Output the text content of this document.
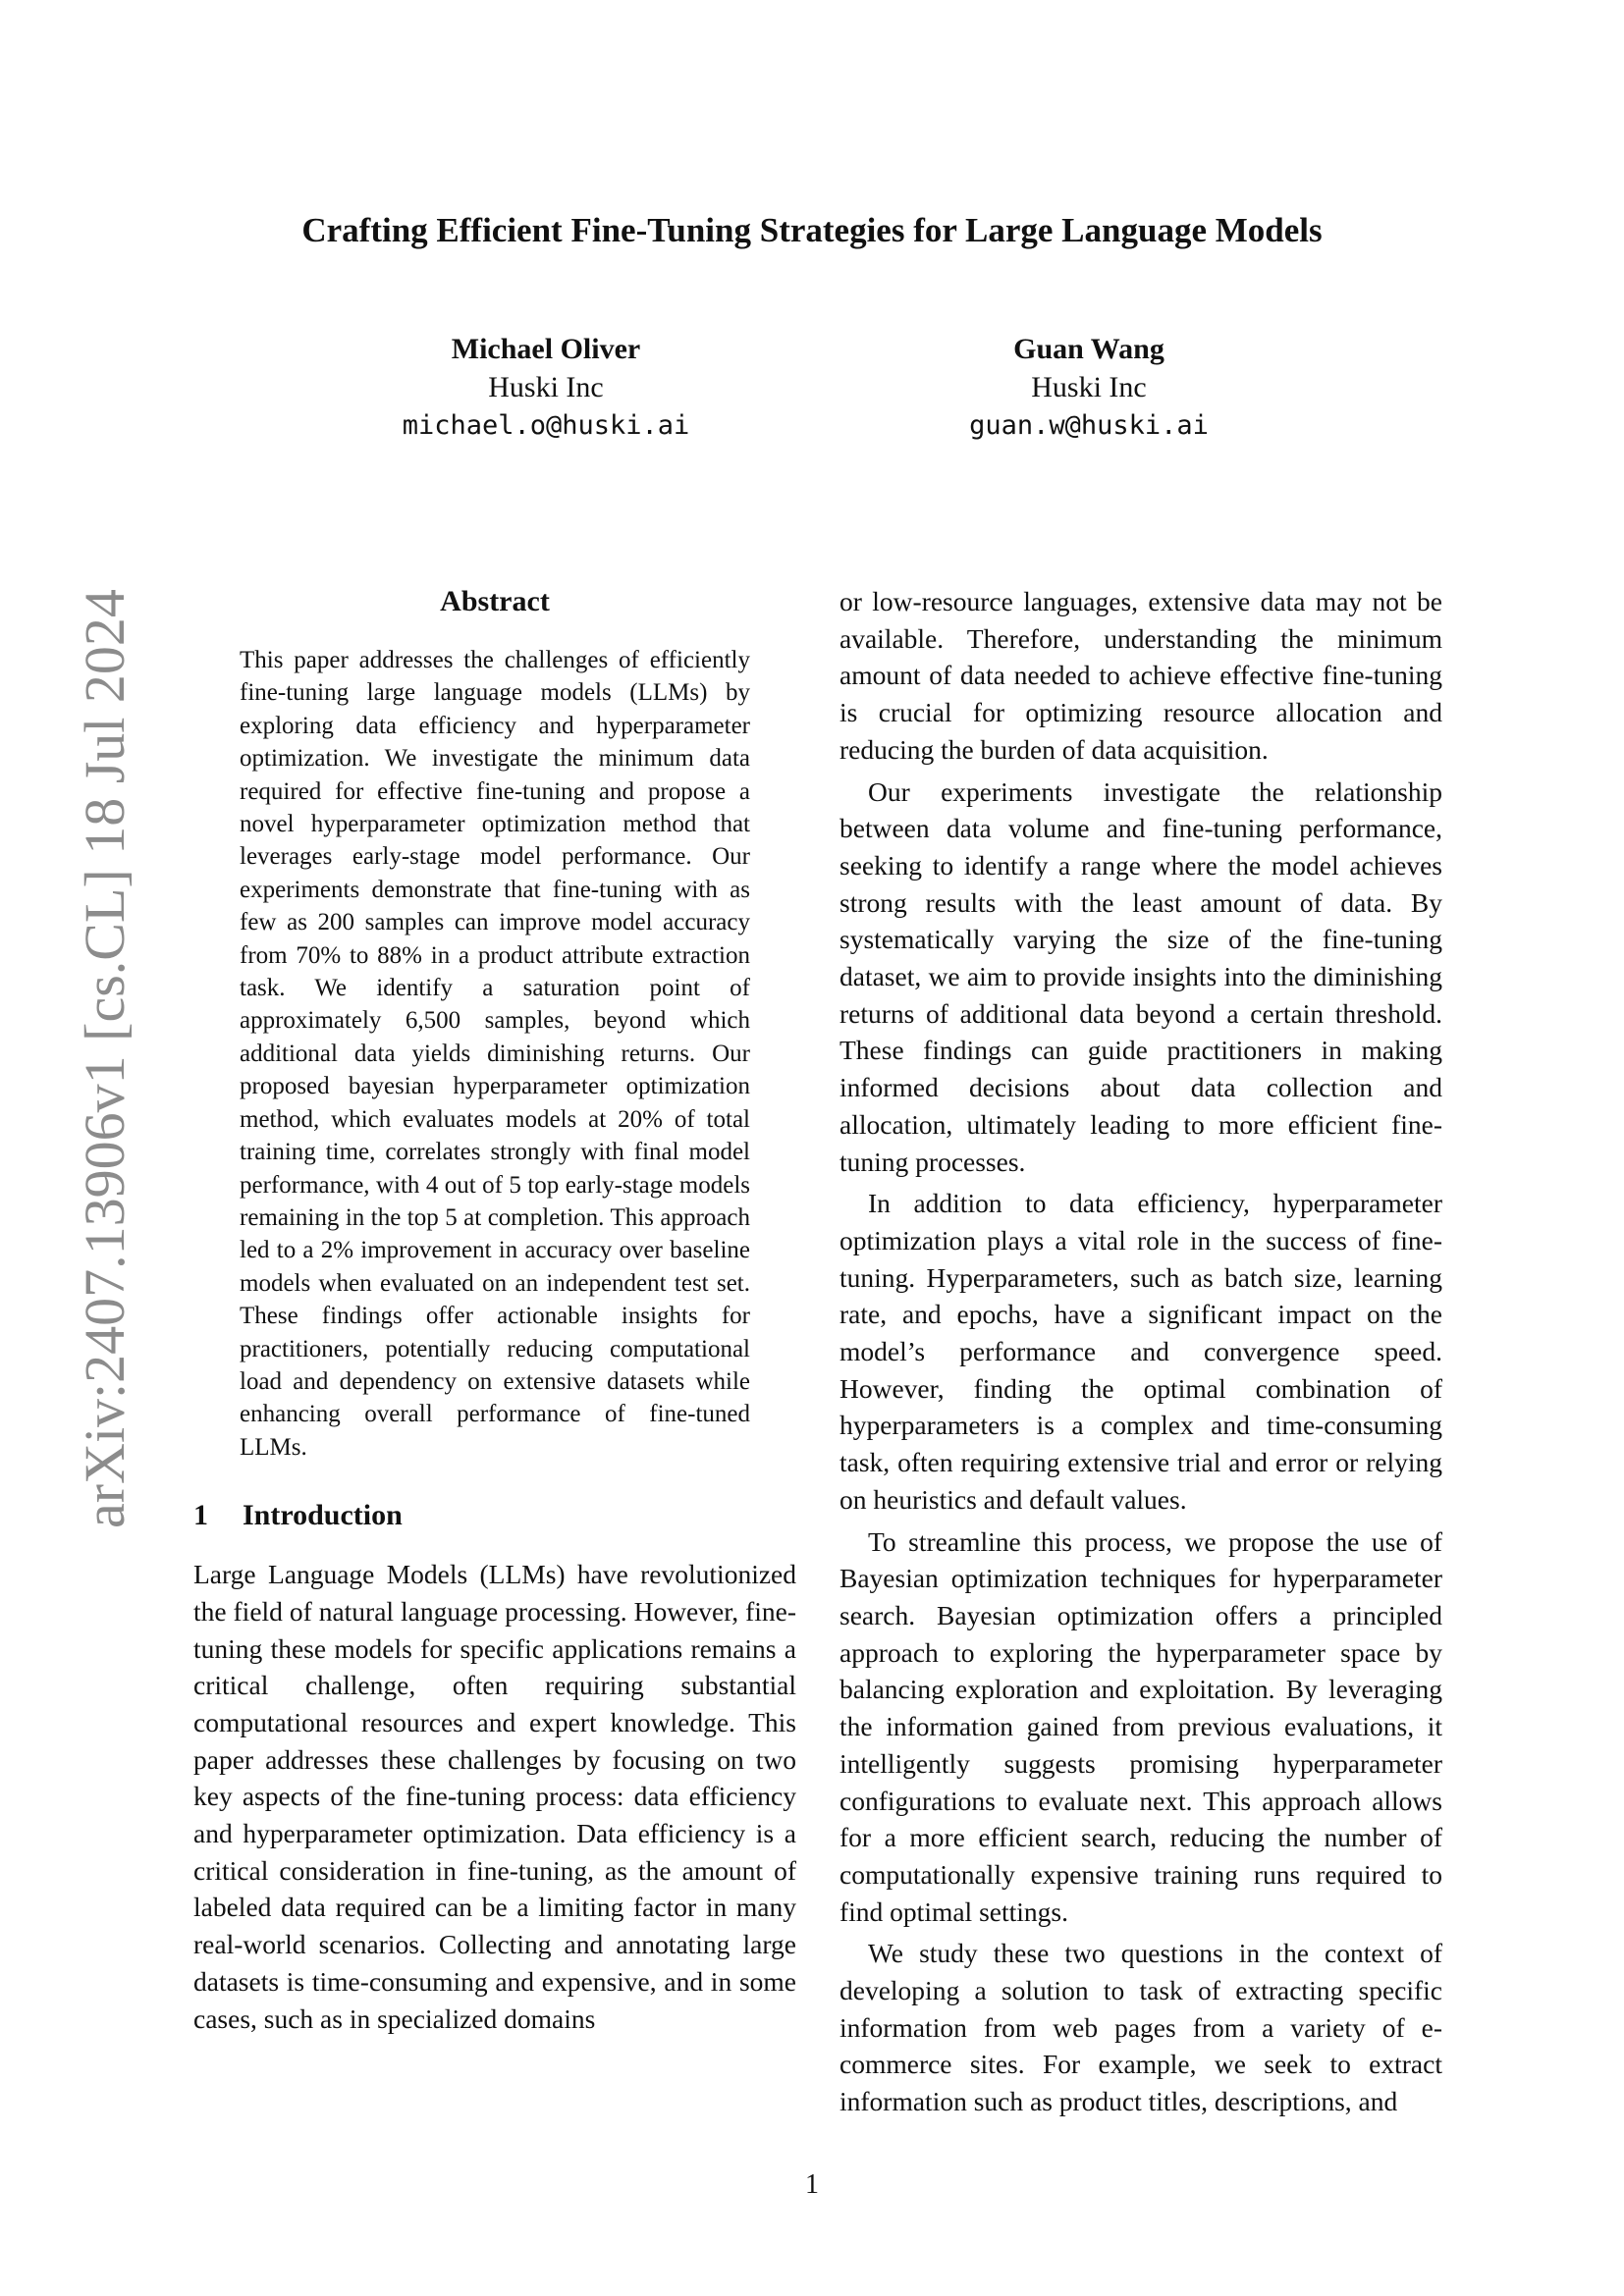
arXiv:2407.13906v1 [cs.CL] 18 Jul 2024
Crafting Efficient Fine-Tuning Strategies for Large Language Models
Michael Oliver
Huski Inc
michael.o@huski.ai
Guan Wang
Huski Inc
guan.w@huski.ai
Abstract

This paper addresses the challenges of efficiently fine-tuning large language models (LLMs) by exploring data efficiency and hyperparameter optimization. We investigate the minimum data required for effective fine-tuning and propose a novel hyperparameter optimization method that leverages early-stage model performance. Our experiments demonstrate that fine-tuning with as few as 200 samples can improve model accuracy from 70% to 88% in a product attribute extraction task. We identify a saturation point of approximately 6,500 samples, beyond which additional data yields diminishing returns. Our proposed bayesian hyperparameter optimization method, which evaluates models at 20% of total training time, correlates strongly with final model performance, with 4 out of 5 top early-stage models remaining in the top 5 at completion. This approach led to a 2% improvement in accuracy over baseline models when evaluated on an independent test set. These findings offer actionable insights for practitioners, potentially reducing computational load and dependency on extensive datasets while enhancing overall performance of fine-tuned LLMs.

1 Introduction

Large Language Models (LLMs) have revolutionized the field of natural language processing. However, fine-tuning these models for specific applications remains a critical challenge, often requiring substantial computational resources and expert knowledge. This paper addresses these challenges by focusing on two key aspects of the fine-tuning process: data efficiency and hyperparameter optimization. Data efficiency is a critical consideration in fine-tuning, as the amount of labeled data required can be a limiting factor in many real-world scenarios. Collecting and annotating large datasets is time-consuming and expensive, and in some cases, such as in specialized domains

or low-resource languages, extensive data may not be available. Therefore, understanding the minimum amount of data needed to achieve effective fine-tuning is crucial for optimizing resource allocation and reducing the burden of data acquisition.

Our experiments investigate the relationship between data volume and fine-tuning performance, seeking to identify a range where the model achieves strong results with the least amount of data. By systematically varying the size of the fine-tuning dataset, we aim to provide insights into the diminishing returns of additional data beyond a certain threshold. These findings can guide practitioners in making informed decisions about data collection and allocation, ultimately leading to more efficient fine-tuning processes.

In addition to data efficiency, hyperparameter optimization plays a vital role in the success of fine-tuning. Hyperparameters, such as batch size, learning rate, and epochs, have a significant impact on the model’s performance and convergence speed. However, finding the optimal combination of hyperparameters is a complex and time-consuming task, often requiring extensive trial and error or relying on heuristics and default values.

To streamline this process, we propose the use of Bayesian optimization techniques for hyperparameter search. Bayesian optimization offers a principled approach to exploring the hyperparameter space by balancing exploration and exploitation. By leveraging the information gained from previous evaluations, it intelligently suggests promising hyperparameter configurations to evaluate next. This approach allows for a more efficient search, reducing the number of computationally expensive training runs required to find optimal settings.

We study these two questions in the context of developing a solution to task of extracting specific information from web pages from a variety of e-commerce sites. For example, we seek to extract information such as product titles, descriptions, and

1
